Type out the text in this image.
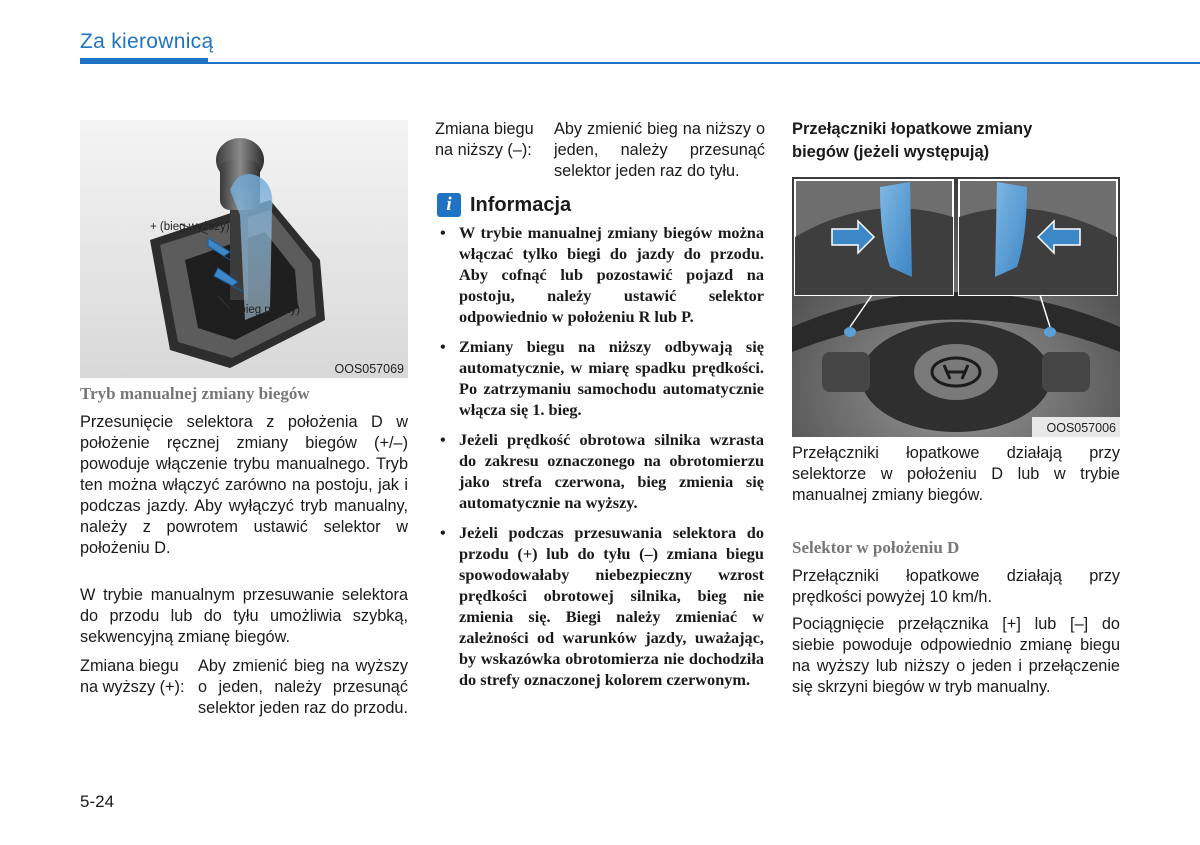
Za kierownicą
+ (bieg wyższy)
– (bieg niższy)
OOS057069
Tryb manualnej zmiany biegów
Przesunięcie selektora z położenia D w położenie ręcznej zmiany biegów (+/–) powoduje włączenie trybu manualnego. Tryb ten można włączyć zarówno na postoju, jak i podczas jazdy. Aby wyłączyć tryb manualny, należy z powrotem ustawić selektor w położeniu D.
W trybie manualnym przesuwanie selektora do przodu lub do tyłu umożliwia szybką, sekwencyjną zmianę biegów.
Zmiana biegu
na wyższy (+):
Aby zmienić bieg na wyższy o jeden, należy przesunąć selektor jeden raz do przodu.
5-24
Zmiana biegu
na niższy (–):
Aby zmienić bieg na niższy o jeden, należy przesunąć selektor jeden raz do tyłu.
i Informacja
• W trybie manualnej zmiany biegów można włączać tylko biegi do jazdy do przodu. Aby cofnąć lub pozostawić pojazd na postoju, należy ustawić selektor odpowiednio w położeniu R lub P.
• Zmiany biegu na niższy odbywają się automatycznie, w miarę spadku prędkości. Po zatrzymaniu samochodu automatycznie włącza się 1. bieg.
• Jeżeli prędkość obrotowa silnika wzrasta do zakresu oznaczonego na obrotomierzu jako strefa czerwona, bieg zmienia się automatycznie na wyższy.
• Jeżeli podczas przesuwania selektora do przodu (+) lub do tyłu (–) zmiana biegu spowodowałaby niebezpieczny wzrost prędkości obrotowej silnika, bieg nie zmienia się. Biegi należy zmieniać w zależności od warunków jazdy, uważając, by wskazówka obrotomierza nie dochodziła do strefy oznaczonej kolorem czerwonym.
Przełączniki łopatkowe zmiany biegów (jeżeli występują)
OOS057006
Przełączniki łopatkowe działają przy selektorze w położeniu D lub w trybie manualnej zmiany biegów.
Selektor w położeniu D
Przełączniki łopatkowe działają przy prędkości powyżej 10 km/h.
Pociągnięcie przełącznika [+] lub [–] do siebie powoduje odpowiednio zmianę biegu na wyższy lub niższy o jeden i przełączenie się skrzyni biegów w tryb manualny.
